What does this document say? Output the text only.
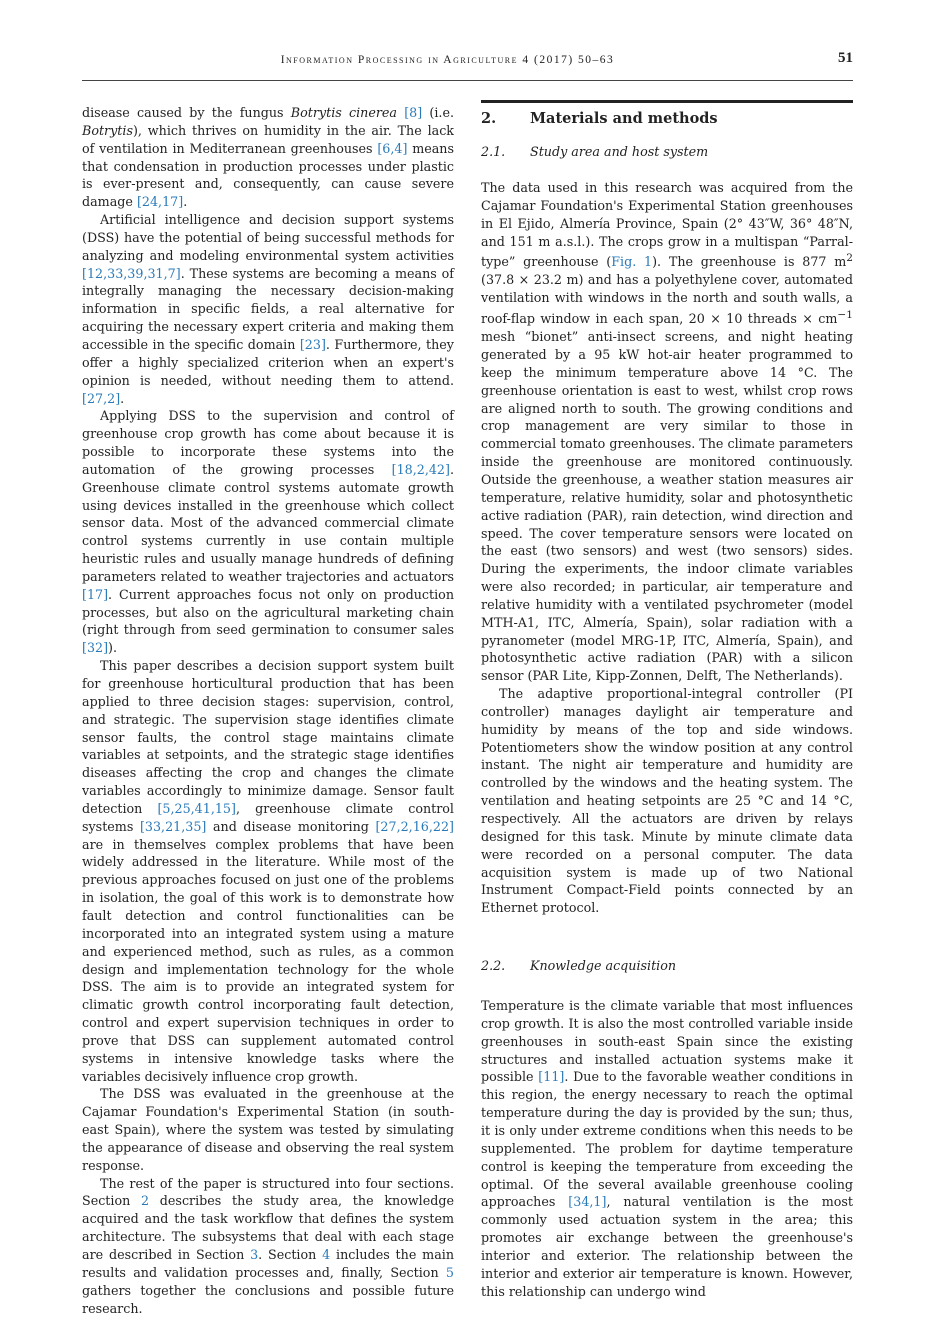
Information Processing in Agriculture 4 (2017) 50–63	51

disease caused by the fungus Botrytis cinerea [8] (i.e. Botrytis), which thrives on humidity in the air. The lack of ventilation in Mediterranean greenhouses [6,4] means that condensation in production processes under plastic is ever-present and, consequently, can cause severe damage [24,17].

Artificial intelligence and decision support systems (DSS) have the potential of being successful methods for analyzing and modeling environmental system activities [12,33,39,31,7]. These systems are becoming a means of integrally managing the necessary decision-making information in specific fields, a real alternative for acquiring the necessary expert criteria and making them accessible in the specific domain [23]. Furthermore, they offer a highly specialized criterion when an expert's opinion is needed, without needing them to attend. [27,2].

Applying DSS to the supervision and control of greenhouse crop growth has come about because it is possible to incorporate these systems into the automation of the growing processes [18,2,42]. Greenhouse climate control systems automate growth using devices installed in the greenhouse which collect sensor data. Most of the advanced commercial climate control systems currently in use contain multiple heuristic rules and usually manage hundreds of defining parameters related to weather trajectories and actuators [17]. Current approaches focus not only on production processes, but also on the agricultural marketing chain (right through from seed germination to consumer sales [32]).

This paper describes a decision support system built for greenhouse horticultural production that has been applied to three decision stages: supervision, control, and strategic. The supervision stage identifies climate sensor faults, the control stage maintains climate variables at setpoints, and the strategic stage identifies diseases affecting the crop and changes the climate variables accordingly to minimize damage. Sensor fault detection [5,25,41,15], greenhouse climate control systems [33,21,35] and disease monitoring [27,2,16,22] are in themselves complex problems that have been widely addressed in the literature. While most of the previous approaches focused on just one of the problems in isolation, the goal of this work is to demonstrate how fault detection and control functionalities can be incorporated into an integrated system using a mature and experienced method, such as rules, as a common design and implementation technology for the whole DSS. The aim is to provide an integrated system for climatic growth control incorporating fault detection, control and expert supervision techniques in order to prove that DSS can supplement automated control systems in intensive knowledge tasks where the variables decisively influence crop growth.

The DSS was evaluated in the greenhouse at the Cajamar Foundation's Experimental Station (in south-east Spain), where the system was tested by simulating the appearance of disease and observing the real system response.

The rest of the paper is structured into four sections. Section 2 describes the study area, the knowledge acquired and the task workflow that defines the system architecture. The subsystems that deal with each stage are described in Section 3. Section 4 includes the main results and validation processes and, finally, Section 5 gathers together the conclusions and possible future research.

2. Materials and methods
2.1. Study area and host system

The data used in this research was acquired from the Cajamar Foundation's Experimental Station greenhouses in El Ejido, Almería Province, Spain (2° 43″W, 36° 48″N, and 151 m a.s.l.). The crops grow in a multispan “Parral-type” greenhouse (Fig. 1). The greenhouse is 877 $m^2$ (37.8 × 23.2 m) and has a polyethylene cover, automated ventilation with windows in the north and south walls, a roof-flap window in each span, 20 × 10 threads × $cm^{-1}$ mesh “bionet” anti-insect screens, and night heating generated by a 95 kW hot-air heater programmed to keep the minimum temperature above 14 °C. The greenhouse orientation is east to west, whilst crop rows are aligned north to south. The growing conditions and crop management are very similar to those in commercial tomato greenhouses. The climate parameters inside the greenhouse are monitored continuously. Outside the greenhouse, a weather station measures air temperature, relative humidity, solar and photosynthetic active radiation (PAR), rain detection, wind direction and speed. The cover temperature sensors were located on the east (two sensors) and west (two sensors) sides. During the experiments, the indoor climate variables were also recorded; in particular, air temperature and relative humidity with a ventilated psychrometer (model MTH-A1, ITC, Almería, Spain), solar radiation with a pyranometer (model MRG-1P, ITC, Almería, Spain), and photosynthetic active radiation (PAR) with a silicon sensor (PAR Lite, Kipp-Zonnen, Delft, The Netherlands).

The adaptive proportional-integral controller (PI controller) manages daylight air temperature and humidity by means of the top and side windows. Potentiometers show the window position at any control instant. The night air temperature and humidity are controlled by the windows and the heating system. The ventilation and heating setpoints are 25 °C and 14 °C, respectively. All the actuators are driven by relays designed for this task. Minute by minute climate data were recorded on a personal computer. The data acquisition system is made up of two National Instrument Compact-Field points connected by an Ethernet protocol.

2.2. Knowledge acquisition

Temperature is the climate variable that most influences crop growth. It is also the most controlled variable inside greenhouses in south-east Spain since the existing structures and installed actuation systems make it possible [11]. Due to the favorable weather conditions in this region, the energy necessary to reach the optimal temperature during the day is provided by the sun; thus, it is only under extreme conditions when this needs to be supplemented. The problem for daytime temperature control is keeping the temperature from exceeding the optimal. Of the several available greenhouse cooling approaches [34,1], natural ventilation is the most commonly used actuation system in the area; this promotes air exchange between the greenhouse's interior and exterior. The relationship between the interior and exterior air temperature is known. However, this relationship can undergo wind
